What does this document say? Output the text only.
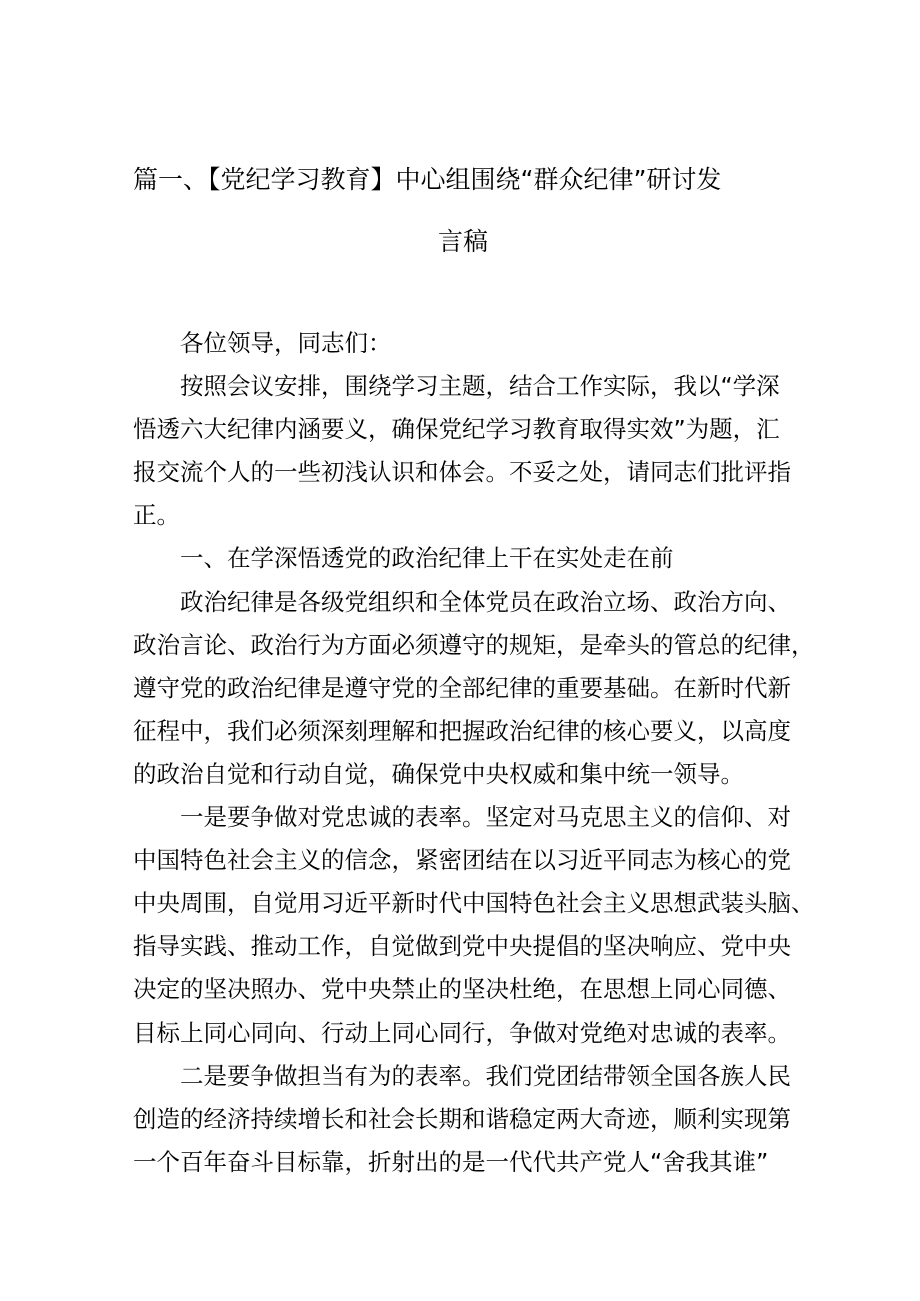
篇一、【党纪学习教育】中心组围绕“群众纪律”研讨发
言稿
各位领导，同志们：
按照会议安排，围绕学习主题，结合工作实际，我以“学深
悟透六大纪律内涵要义，确保党纪学习教育取得实效”为题，汇
报交流个人的一些初浅认识和体会。不妥之处，请同志们批评指
正。
一、在学深悟透党的政治纪律上干在实处走在前
政治纪律是各级党组织和全体党员在政治立场、政治方向、
政治言论、政治行为方面必须遵守的规矩，是牵头的管总的纪律，
遵守党的政治纪律是遵守党的全部纪律的重要基础。在新时代新
征程中，我们必须深刻理解和把握政治纪律的核心要义，以高度
的政治自觉和行动自觉，确保党中央权威和集中统一领导。
一是要争做对党忠诚的表率。坚定对马克思主义的信仰、对
中国特色社会主义的信念，紧密团结在以习近平同志为核心的党
中央周围，自觉用习近平新时代中国特色社会主义思想武装头脑、
指导实践、推动工作，自觉做到党中央提倡的坚决响应、党中央
决定的坚决照办、党中央禁止的坚决杜绝，在思想上同心同德、
目标上同心同向、行动上同心同行，争做对党绝对忠诚的表率。
二是要争做担当有为的表率。我们党团结带领全国各族人民
创造的经济持续增长和社会长期和谐稳定两大奇迹，顺利实现第
一个百年奋斗目标靠，折射出的是一代代共产党人“舍我其谁”
